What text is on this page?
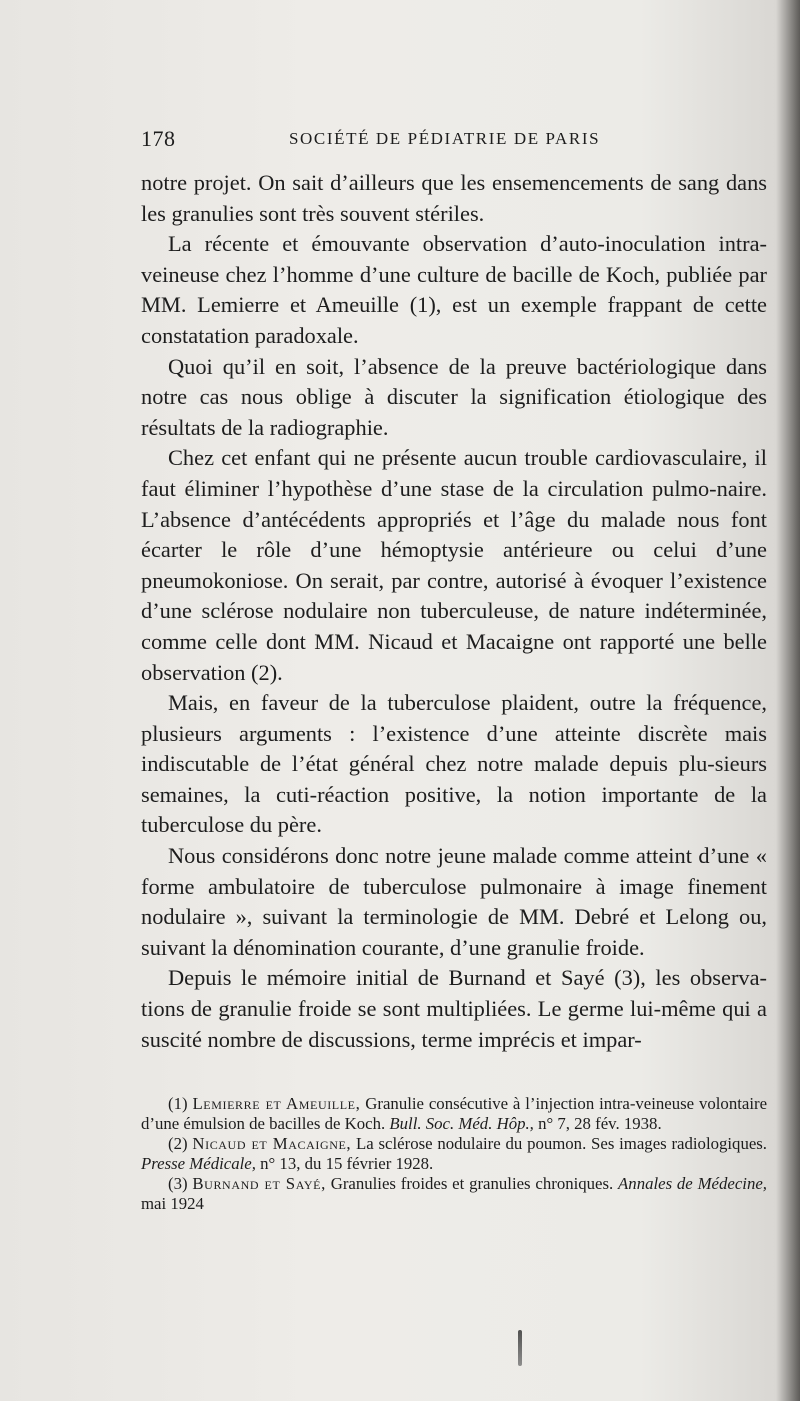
178	SOCIÉTÉ DE PÉDIATRIE DE PARIS

notre projet. On sait d’ailleurs que les ensemencements de sang dans les granulies sont très souvent stériles.

La récente et émouvante observation d’auto-inoculation intra-veineuse chez l’homme d’une culture de bacille de Koch, publiée par MM. Lemierre et Ameuille (1), est un exemple frappant de cette constatation paradoxale.

Quoi qu’il en soit, l’absence de la preuve bactériologique dans notre cas nous oblige à discuter la signification étiologique des résultats de la radiographie.

Chez cet enfant qui ne présente aucun trouble cardiovasculaire, il faut éliminer l’hypothèse d’une stase de la circulation pulmo-naire. L’absence d’antécédents appropriés et l’âge du malade nous font écarter le rôle d’une hémoptysie antérieure ou celui d’une pneumokoniose. On serait, par contre, autorisé à évoquer l’existence d’une sclérose nodulaire non tuberculeuse, de nature indéterminée, comme celle dont MM. Nicaud et Macaigne ont rapporté une belle observation (2).

Mais, en faveur de la tuberculose plaident, outre la fréquence, plusieurs arguments : l’existence d’une atteinte discrète mais indiscutable de l’état général chez notre malade depuis plu-sieurs semaines, la cuti-réaction positive, la notion importante de la tuberculose du père.

Nous considérons donc notre jeune malade comme atteint d’une « forme ambulatoire de tuberculose pulmonaire à image finement nodulaire », suivant la terminologie de MM. Debré et Lelong ou, suivant la dénomination courante, d’une granulie froide.

Depuis le mémoire initial de Burnand et Sayé (3), les observa-tions de granulie froide se sont multipliées. Le germe lui-même qui a suscité nombre de discussions, terme imprécis et impar-

(1) Lemierre et Ameuille, Granulie consécutive à l’injection intra-veineuse volontaire d’une émulsion de bacilles de Koch. Bull. Soc. Méd. Hôp., n° 7, 28 fév. 1938.

(2) Nicaud et Macaigne, La sclérose nodulaire du poumon. Ses images radiologiques. Presse Médicale, n° 13, du 15 février 1928.

(3) Burnand et Sayé, Granulies froides et granulies chroniques. Annales de Médecine, mai 1924
